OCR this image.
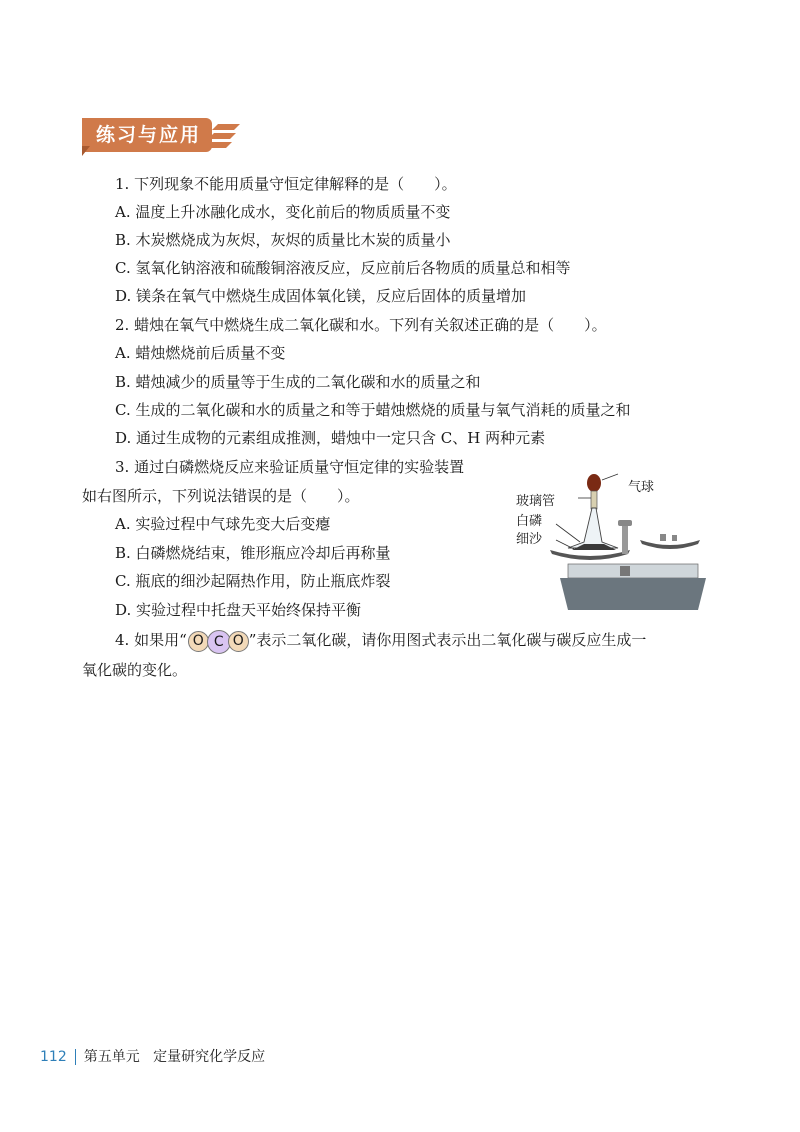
练习与应用
1. 下列现象不能用质量守恒定律解释的是（　　）。
A. 温度上升冰融化成水，变化前后的物质质量不变
B. 木炭燃烧成为灰烬，灰烬的质量比木炭的质量小
C. 氢氧化钠溶液和硫酸铜溶液反应，反应前后各物质的质量总和相等
D. 镁条在氧气中燃烧生成固体氧化镁，反应后固体的质量增加
2. 蜡烛在氧气中燃烧生成二氧化碳和水。下列有关叙述正确的是（　　）。
A. 蜡烛燃烧前后质量不变
B. 蜡烛减少的质量等于生成的二氧化碳和水的质量之和
C. 生成的二氧化碳和水的质量之和等于蜡烛燃烧的质量与氧气消耗的质量之和
D. 通过生成物的元素组成推测，蜡烛中一定只含 C、H 两种元素
3. 通过白磷燃烧反应来验证质量守恒定律的实验装置
如右图所示，下列说法错误的是（　　）。
A. 实验过程中气球先变大后变瘪
B. 白磷燃烧结束，锥形瓶应冷却后再称量
C. 瓶底的细沙起隔热作用，防止瓶底炸裂
D. 实验过程中托盘天平始终保持平衡
气球
玻璃管
白磷
细沙
4. 如果用“ O C O ”表示二氧化碳，请你用图式表示出二氧化碳与碳反应生成一
氧化碳的变化。
112 第五单元 定量研究化学反应
